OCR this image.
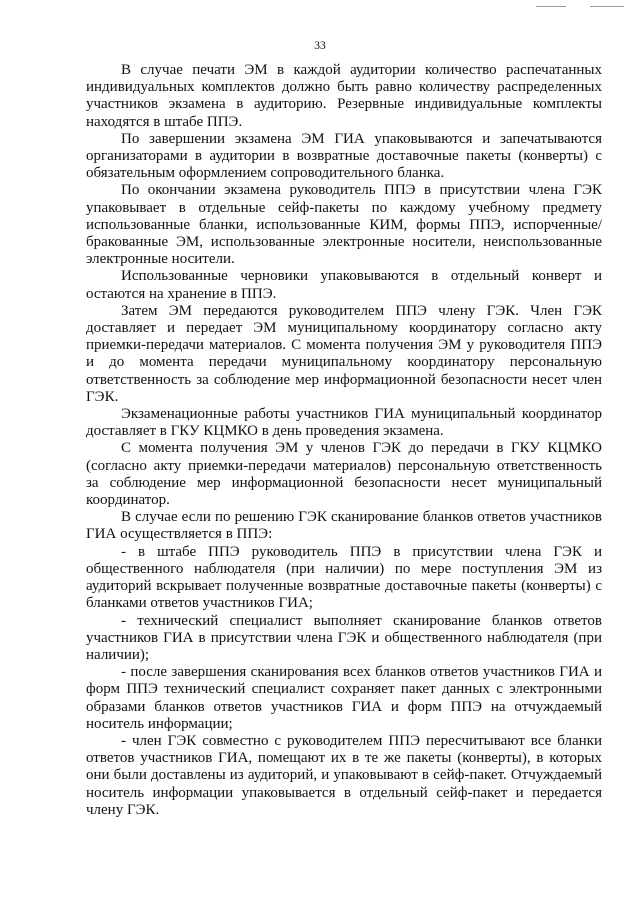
33

В случае печати ЭМ в каждой аудитории количество распечатанных индивидуальных комплектов должно быть равно количеству распределенных участников экзамена в аудиторию. Резервные индивидуальные комплекты находятся в штабе ППЭ.

По завершении экзамена ЭМ ГИА упаковываются и запечатываются организаторами в аудитории в возвратные доставочные пакеты (конверты) с обязательным оформлением сопроводительного бланка.

По окончании экзамена руководитель ППЭ в присутствии члена ГЭК упаковывает в отдельные сейф-пакеты по каждому учебному предмету использованные бланки, использованные КИМ, формы ППЭ, испорченные/бракованные ЭМ, использованные электронные носители, неиспользованные электронные носители.

Использованные черновики упаковываются в отдельный конверт и остаются на хранение в ППЭ.

Затем ЭМ передаются руководителем ППЭ члену ГЭК. Член ГЭК доставляет и передает ЭМ муниципальному координатору согласно акту приемки-передачи материалов. С момента получения ЭМ у руководителя ППЭ и до момента передачи муниципальному координатору персональную ответственность за соблюдение мер информационной безопасности несет член ГЭК.

Экзаменационные работы участников ГИА муниципальный координатор доставляет в ГКУ КЦМКО в день проведения экзамена.

С момента получения ЭМ у членов ГЭК до передачи в ГКУ КЦМКО (согласно акту приемки-передачи материалов) персональную ответственность за соблюдение мер информационной безопасности несет муниципальный координатор.

В случае если по решению ГЭК сканирование бланков ответов участников ГИА осуществляется в ППЭ:

- в штабе ППЭ руководитель ППЭ в присутствии члена ГЭК и общественного наблюдателя (при наличии) по мере поступления ЭМ из аудиторий вскрывает полученные возвратные доставочные пакеты (конверты) с бланками ответов участников ГИА;

- технический специалист выполняет сканирование бланков ответов участников ГИА в присутствии члена ГЭК и общественного наблюдателя (при наличии);

- после завершения сканирования всех бланков ответов участников ГИА и форм ППЭ технический специалист сохраняет пакет данных с электронными образами бланков ответов участников ГИА и форм ППЭ на отчуждаемый носитель информации;

- член ГЭК совместно с руководителем ППЭ пересчитывают все бланки ответов участников ГИА, помещают их в те же пакеты (конверты), в которых они были доставлены из аудиторий, и упаковывают в сейф-пакет. Отчуждаемый носитель информации упаковывается в отдельный сейф-пакет и передается члену ГЭК.
